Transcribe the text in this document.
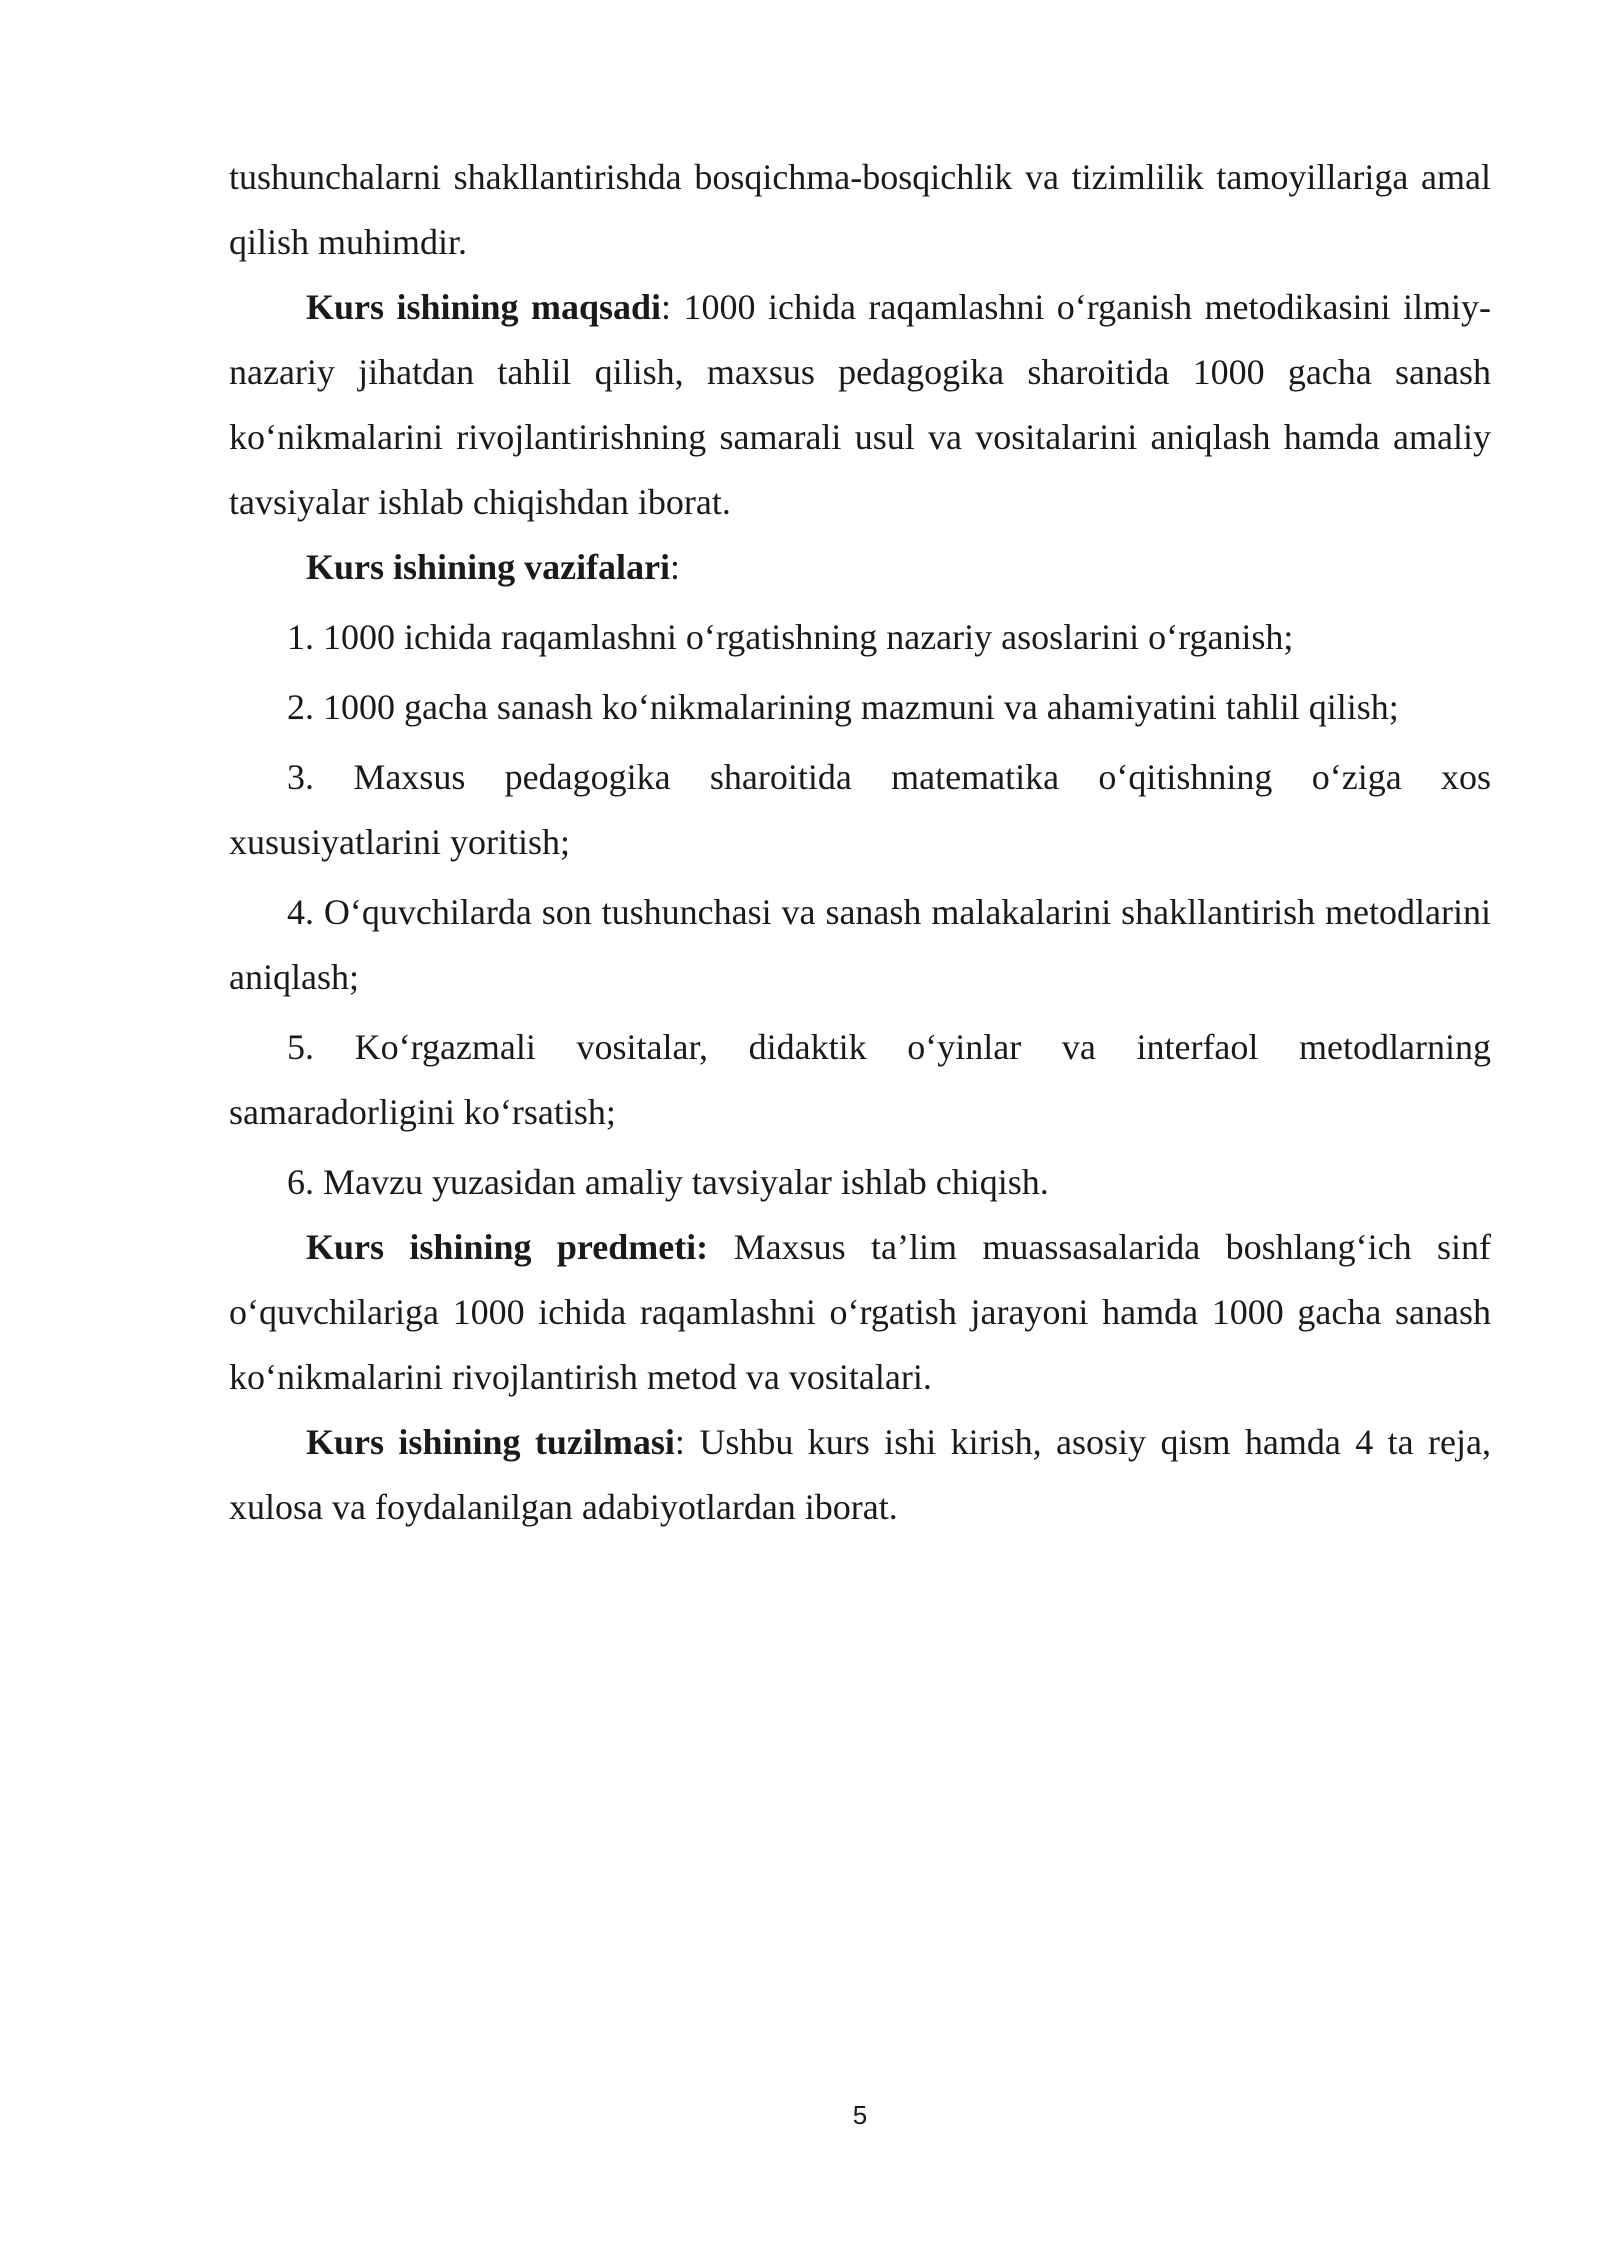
tushunchalarni shakllantirishda bosqichma-bosqichlik va tizimlilik tamoyillariga amal qilish muhimdir.

Kurs ishining maqsadi: 1000 ichida raqamlashni o‘rganish metodikasini ilmiy-nazariy jihatdan tahlil qilish, maxsus pedagogika sharoitida 1000 gacha sanash ko‘nikmalarini rivojlantirishning samarali usul va vositalarini aniqlash hamda amaliy tavsiyalar ishlab chiqishdan iborat.

Kurs ishining vazifalari:

1. 1000 ichida raqamlashni o‘rgatishning nazariy asoslarini o‘rganish;

2. 1000 gacha sanash ko‘nikmalarining mazmuni va ahamiyatini tahlil qilish;

3. Maxsus pedagogika sharoitida matematika o‘qitishning o‘ziga xos xususiyatlarini yoritish;

4. O‘quvchilarda son tushunchasi va sanash malakalarini shakllantirish metodlarini aniqlash;

5. Ko‘rgazmali vositalar, didaktik o‘yinlar va interfaol metodlarning samaradorligini ko‘rsatish;

6. Mavzu yuzasidan amaliy tavsiyalar ishlab chiqish.

Kurs ishining predmeti: Maxsus ta’lim muassasalarida boshlang‘ich sinf o‘quvchilariga 1000 ichida raqamlashni o‘rgatish jarayoni hamda 1000 gacha sanash ko‘nikmalarini rivojlantirish metod va vositalari.

Kurs ishining tuzilmasi: Ushbu kurs ishi kirish, asosiy qism hamda 4 ta reja, xulosa va foydalanilgan adabiyotlardan iborat.

5
